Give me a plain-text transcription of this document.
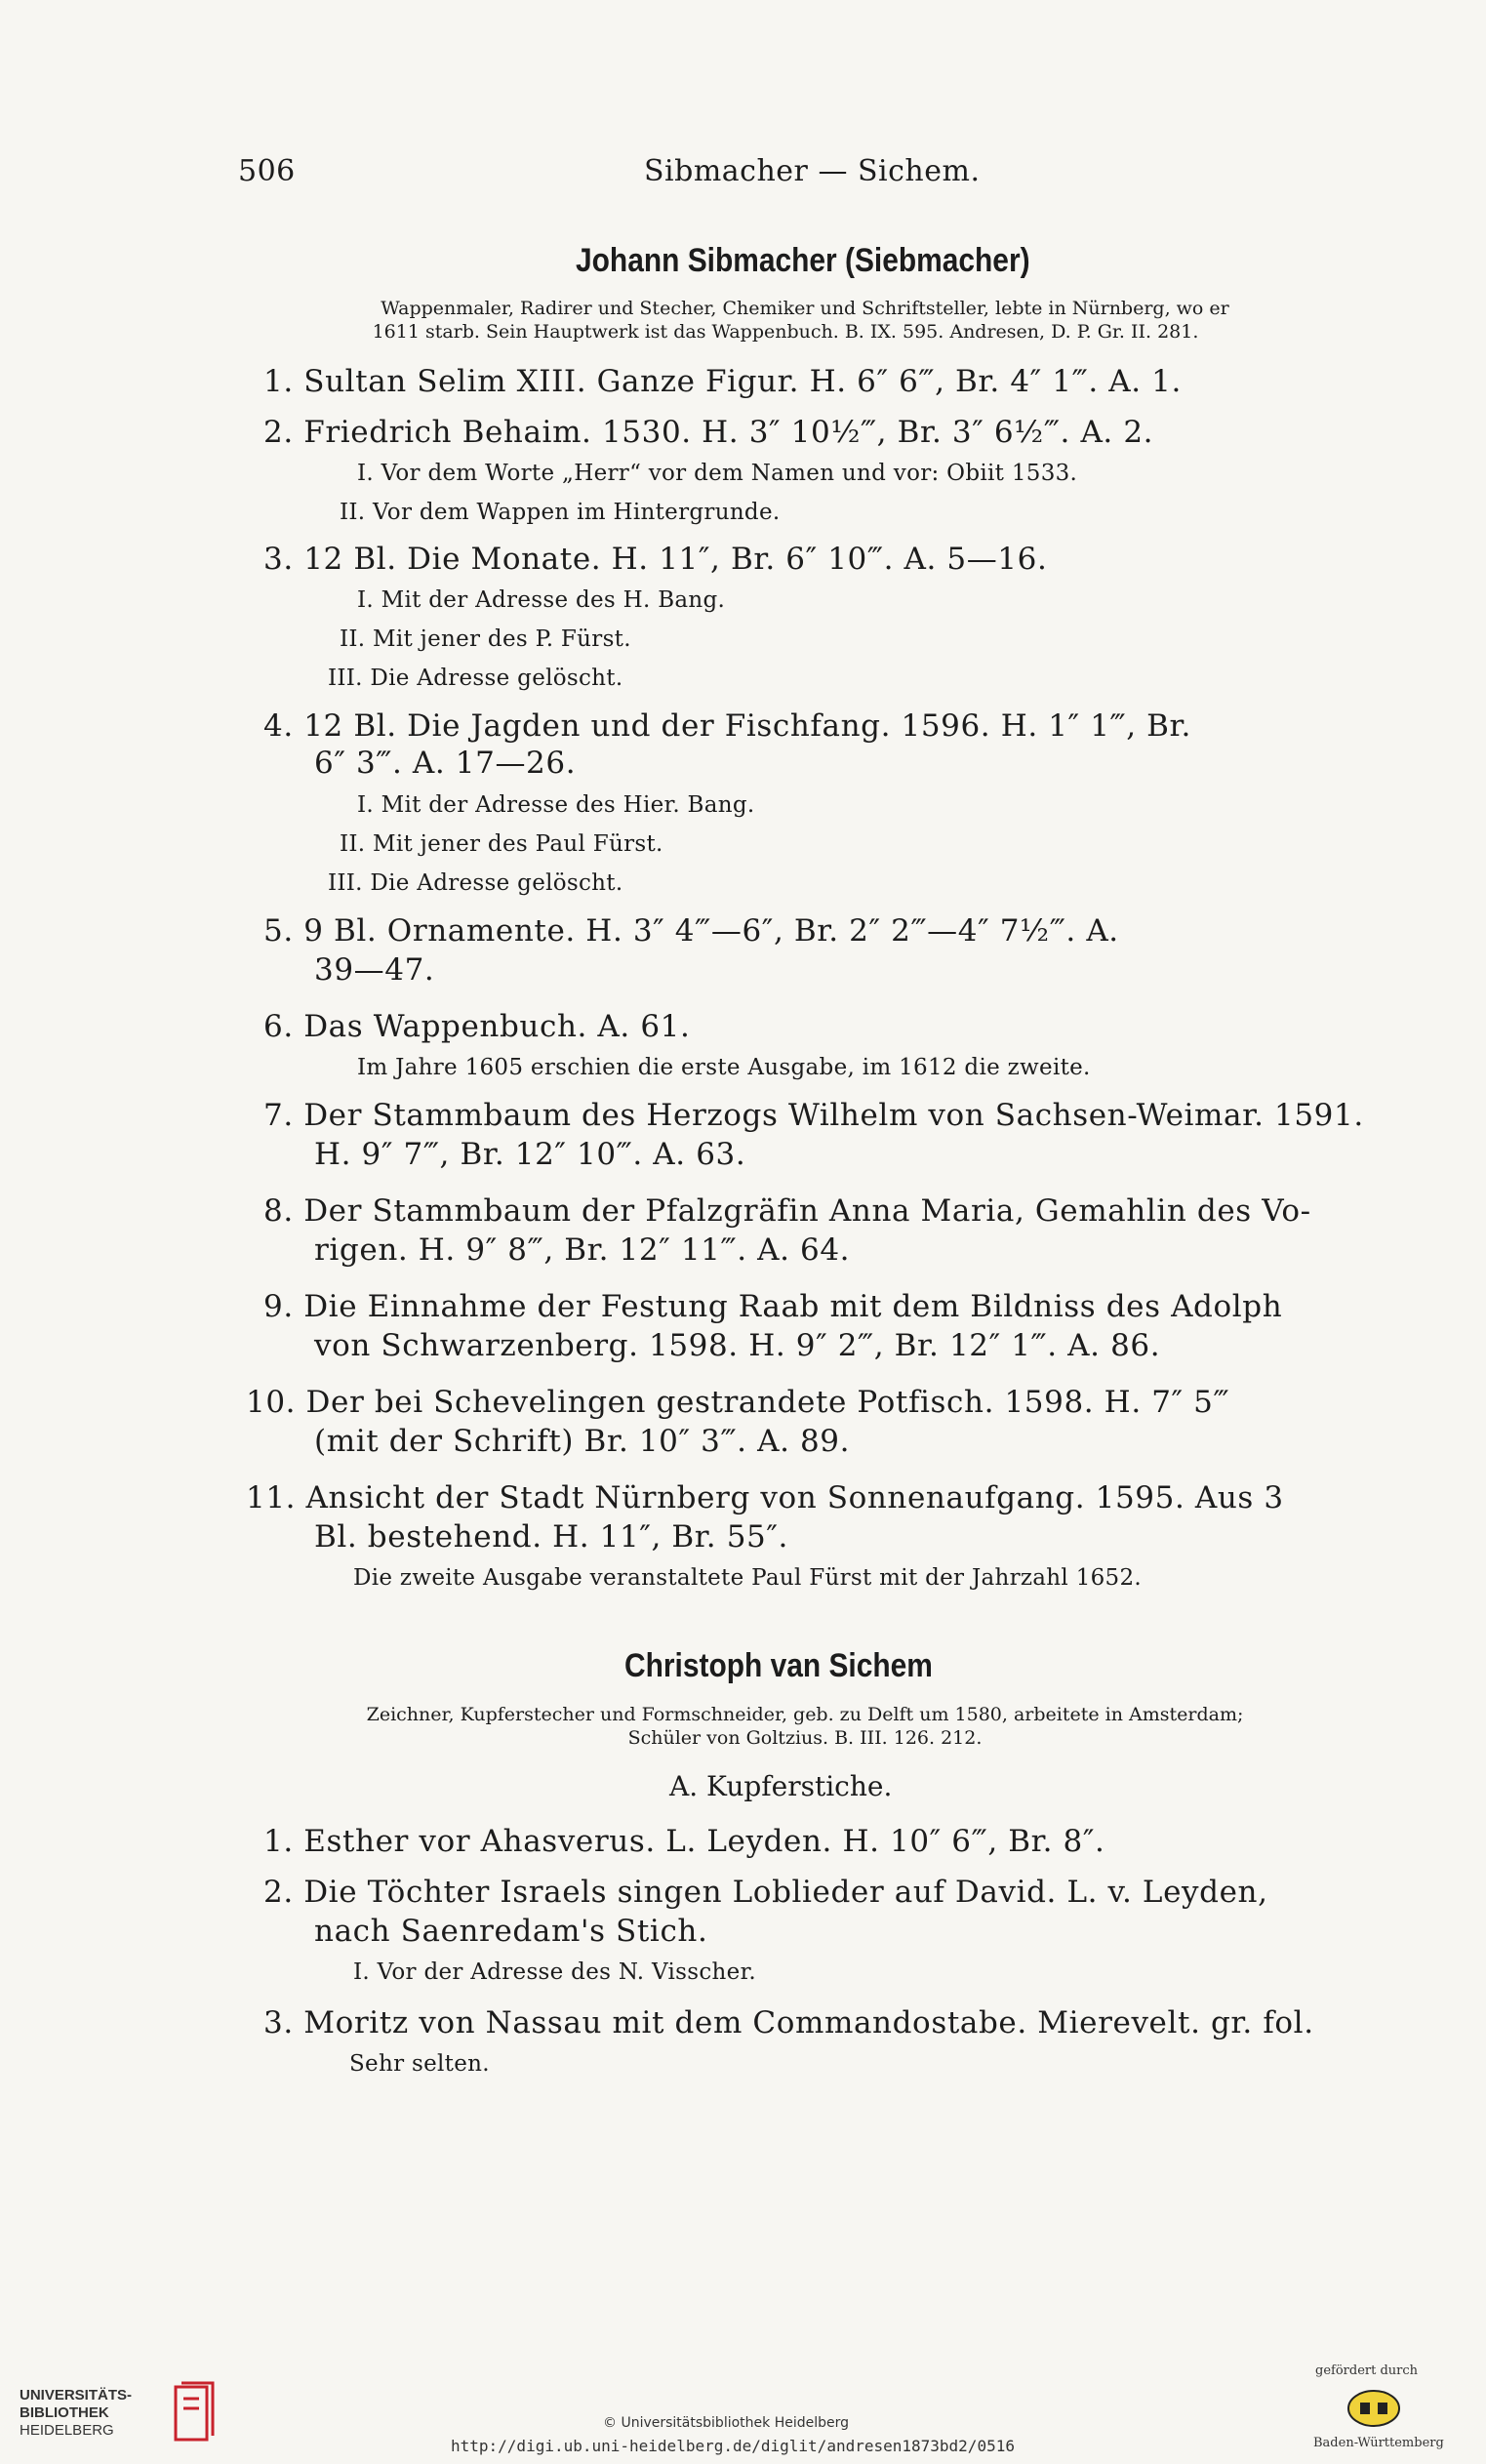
506	Sibmacher — Sichem.
Johann Sibmacher (Siebmacher)
Wappenmaler, Radirer und Stecher, Chemiker und Schriftsteller, lebte in Nürnberg, wo er
1611 starb. Sein Hauptwerk ist das Wappenbuch. B. IX. 595. Andresen, D. P. Gr. II. 281.
1. Sultan Selim XIII. Ganze Figur. H. 6″ 6‴, Br. 4″ 1‴. A. 1.
2. Friedrich Behaim. 1530. H. 3″ 10½‴, Br. 3″ 6½‴. A. 2.
I. Vor dem Worte „Herr“ vor dem Namen und vor: Obiit 1533.
II. Vor dem Wappen im Hintergrunde.
3. 12 Bl. Die Monate. H. 11″, Br. 6″ 10‴. A. 5—16.
I. Mit der Adresse des H. Bang.
II. Mit jener des P. Fürst.
III. Die Adresse gelöscht.
4. 12 Bl. Die Jagden und der Fischfang. 1596. H. 1″ 1‴, Br.
6″ 3‴. A. 17—26.
I. Mit der Adresse des Hier. Bang.
II. Mit jener des Paul Fürst.
III. Die Adresse gelöscht.
5. 9 Bl. Ornamente. H. 3″ 4‴—6″, Br. 2″ 2‴—4″ 7½‴. A.
39—47.
6. Das Wappenbuch. A. 61.
Im Jahre 1605 erschien die erste Ausgabe, im 1612 die zweite.
7. Der Stammbaum des Herzogs Wilhelm von Sachsen-Weimar. 1591.
H. 9″ 7‴, Br. 12″ 10‴. A. 63.
8. Der Stammbaum der Pfalzgräfin Anna Maria, Gemahlin des Vo-
rigen. H. 9″ 8‴, Br. 12″ 11‴. A. 64.
9. Die Einnahme der Festung Raab mit dem Bildniss des Adolph
von Schwarzenberg. 1598. H. 9″ 2‴, Br. 12″ 1‴. A. 86.
10. Der bei Schevelingen gestrandete Potfisch. 1598. H. 7″ 5‴
(mit der Schrift) Br. 10″ 3‴. A. 89.
11. Ansicht der Stadt Nürnberg von Sonnenaufgang. 1595. Aus 3
Bl. bestehend. H. 11″, Br. 55″.
Die zweite Ausgabe veranstaltete Paul Fürst mit der Jahrzahl 1652.
Christoph van Sichem
Zeichner, Kupferstecher und Formschneider, geb. zu Delft um 1580, arbeitete in Amsterdam;
Schüler von Goltzius. B. III. 126. 212.
A. Kupferstiche.
1. Esther vor Ahasverus. L. Leyden. H. 10″ 6‴, Br. 8″.
2. Die Töchter Israels singen Loblieder auf David. L. v. Leyden,
nach Saenredam's Stich.
I. Vor der Adresse des N. Visscher.
3. Moritz von Nassau mit dem Commandostabe. Mierevelt. gr. fol.
Sehr selten.
UNIVERSITÄTS-
BIBLIOTHEK
HEIDELBERG	© Universitätsbibliothek Heidelberg
http://digi.ub.uni-heidelberg.de/diglit/andresen1873bd2/0516
gefördert durch
Baden-Württemberg
